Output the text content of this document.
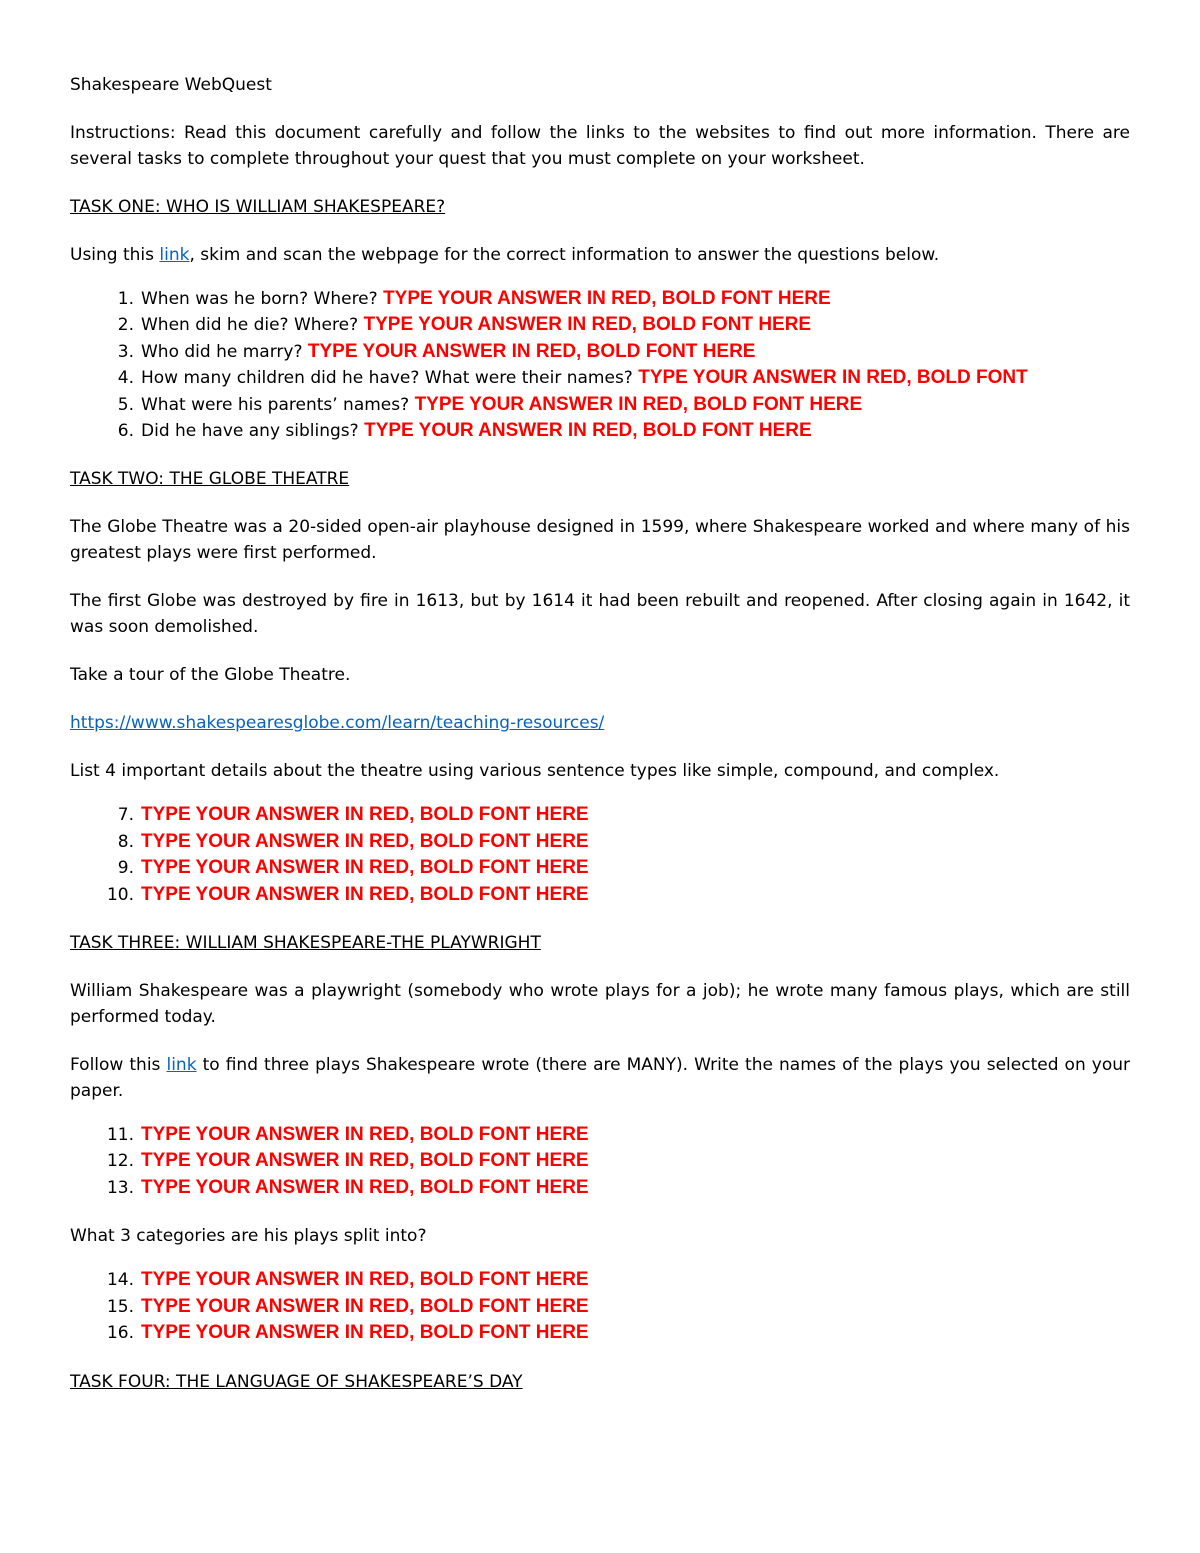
Shakespeare WebQuest

Instructions: Read this document carefully and follow the links to the websites to find out more information. There are several tasks to complete throughout your quest that you must complete on your worksheet.

TASK ONE: WHO IS WILLIAM SHAKESPEARE?

Using this link, skim and scan the webpage for the correct information to answer the questions below.

1. When was he born? Where? TYPE YOUR ANSWER IN RED, BOLD FONT HERE
2. When did he die? Where? TYPE YOUR ANSWER IN RED, BOLD FONT HERE
3. Who did he marry? TYPE YOUR ANSWER IN RED, BOLD FONT HERE
4. How many children did he have? What were their names? TYPE YOUR ANSWER IN RED, BOLD FONT
5. What were his parents’ names? TYPE YOUR ANSWER IN RED, BOLD FONT HERE
6. Did he have any siblings? TYPE YOUR ANSWER IN RED, BOLD FONT HERE

TASK TWO: THE GLOBE THEATRE

The Globe Theatre was a 20-sided open-air playhouse designed in 1599, where Shakespeare worked and where many of his greatest plays were first performed.

The first Globe was destroyed by fire in 1613, but by 1614 it had been rebuilt and reopened. After closing again in 1642, it was soon demolished.

Take a tour of the Globe Theatre.

https://www.shakespearesglobe.com/learn/teaching-resources/

List 4 important details about the theatre using various sentence types like simple, compound, and complex.

7. TYPE YOUR ANSWER IN RED, BOLD FONT HERE
8. TYPE YOUR ANSWER IN RED, BOLD FONT HERE
9. TYPE YOUR ANSWER IN RED, BOLD FONT HERE
10. TYPE YOUR ANSWER IN RED, BOLD FONT HERE

TASK THREE: WILLIAM SHAKESPEARE-THE PLAYWRIGHT

William Shakespeare was a playwright (somebody who wrote plays for a job); he wrote many famous plays, which are still performed today.

Follow this link to find three plays Shakespeare wrote (there are MANY). Write the names of the plays you selected on your paper.

11. TYPE YOUR ANSWER IN RED, BOLD FONT HERE
12. TYPE YOUR ANSWER IN RED, BOLD FONT HERE
13. TYPE YOUR ANSWER IN RED, BOLD FONT HERE

What 3 categories are his plays split into?

14. TYPE YOUR ANSWER IN RED, BOLD FONT HERE
15. TYPE YOUR ANSWER IN RED, BOLD FONT HERE
16. TYPE YOUR ANSWER IN RED, BOLD FONT HERE

TASK FOUR: THE LANGUAGE OF SHAKESPEARE’S DAY
